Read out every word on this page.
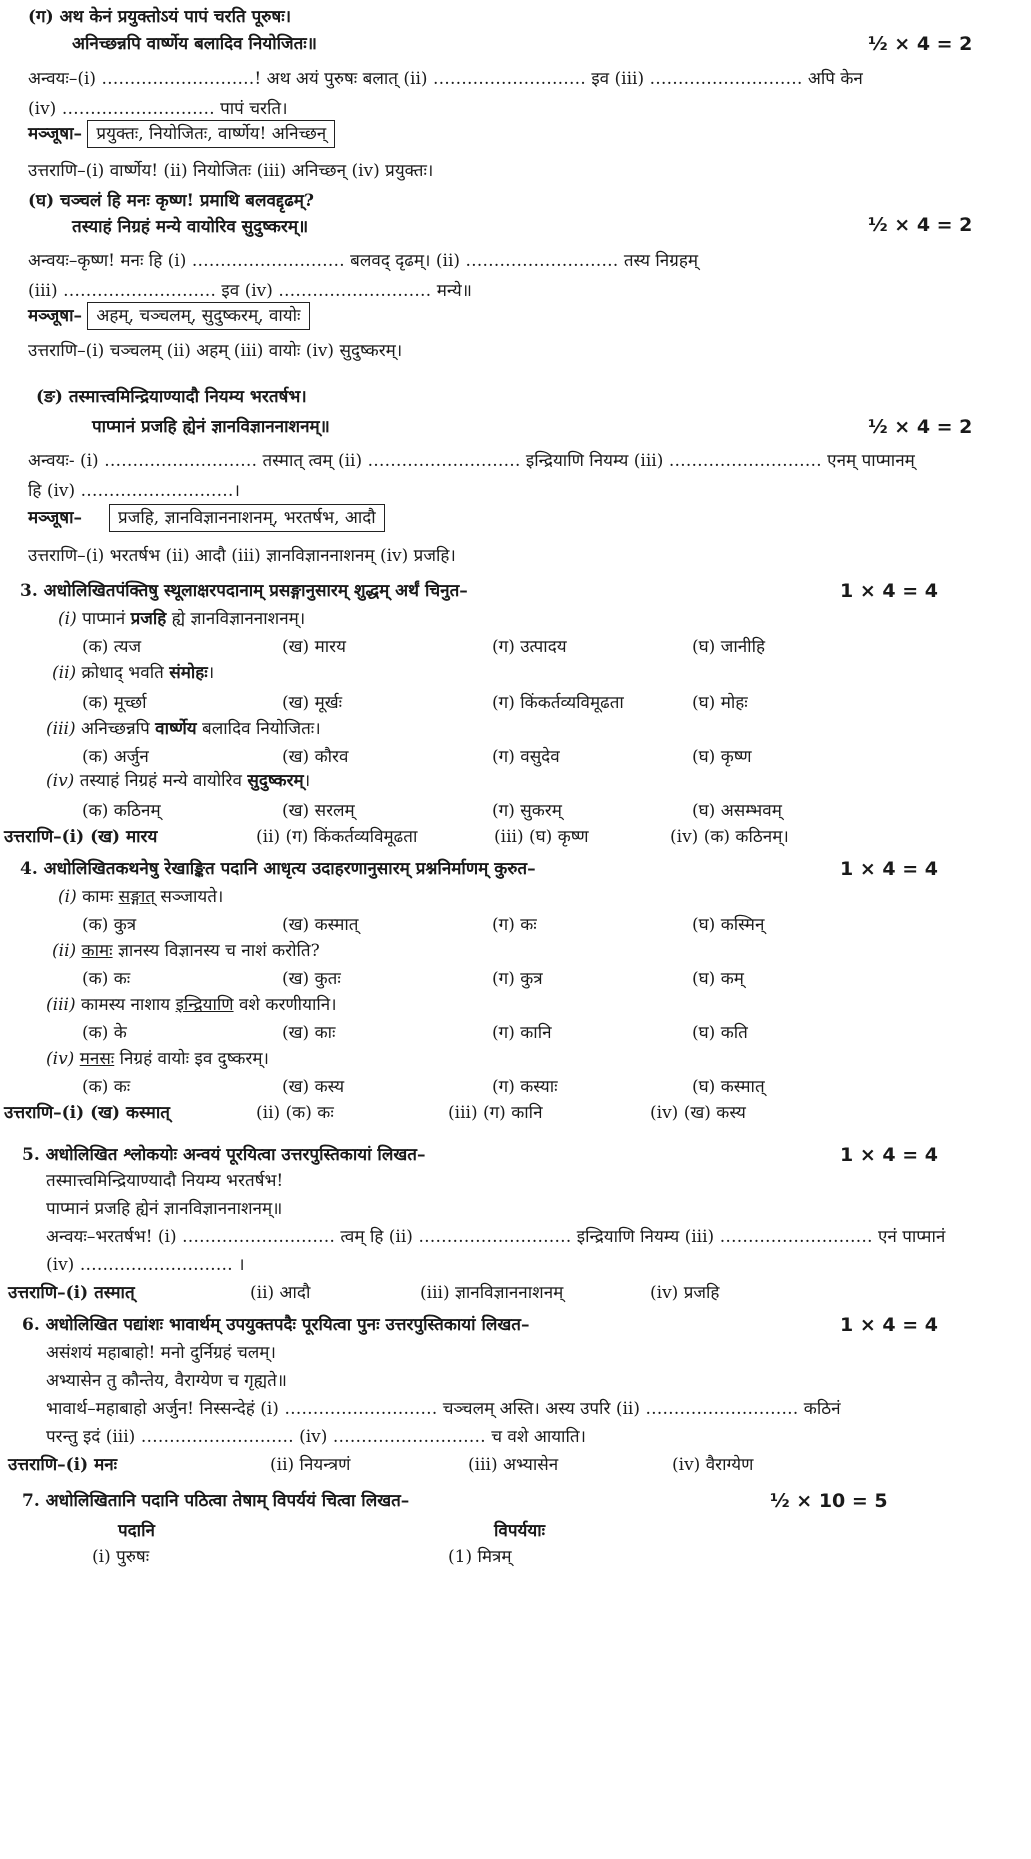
(ग) अथ केनं प्रयुक्तोऽयं पापं चरति पूरुषः।
अनिच्छन्नपि वार्ष्णेय बलादिव नियोजितः॥	½ × 4 = 2
अन्वयः–(i) ………………………! अथ अयं पुरुषः बलात् (ii) ……………………… इव (iii) ……………………… अपि केन
(iv) ……………………… पापं चरति।
मञ्जूषा– प्रयुक्तः, नियोजितः, वार्ष्णेय! अनिच्छन्
उत्तराणि–(i) वार्ष्णेय! (ii) नियोजितः (iii) अनिच्छन् (iv) प्रयुक्तः।
(घ) चञ्चलं हि मनः कृष्ण! प्रमाथि बलवद्दृढम्?
तस्याहं निग्रहं मन्ये वायोरिव सुदुष्करम्॥	½ × 4 = 2
अन्वयः–कृष्ण! मनः हि (i) ……………………… बलवद् दृढम्। (ii) ……………………… तस्य निग्रहम्
(iii) ……………………… इव (iv) ……………………… मन्ये॥
मञ्जूषा– अहम्, चञ्चलम्, सुदुष्करम्, वायोः
उत्तराणि–(i) चञ्चलम् (ii) अहम् (iii) वायोः (iv) सुदुष्करम्।
(ङ) तस्मात्त्वमिन्द्रियाण्यादौ नियम्य भरतर्षभ।
पाप्मानं प्रजहि ह्येनं ज्ञानविज्ञाननाशनम्॥	½ × 4 = 2
अन्वयः- (i) ……………………… तस्मात् त्वम् (ii) ……………………… इन्द्रियाणि नियम्य (iii) ……………………… एनम् पाप्मानम्
हि (iv) ………………………।
मञ्जूषा– प्रजहि, ज्ञानविज्ञाननाशनम्, भरतर्षभ, आदौ
उत्तराणि–(i) भरतर्षभ (ii) आदौ (iii) ज्ञानविज्ञाननाशनम् (iv) प्रजहि।
3. अधोलिखितपंक्तिषु स्थूलाक्षरपदानाम् प्रसङ्गानुसारम् शुद्धम् अर्थं चिनुत–	1 × 4 = 4
(i) पाप्मानं प्रजहि ह्ये ज्ञानविज्ञाननाशनम्।
(क) त्यज	(ख) मारय	(ग) उत्पादय	(घ) जानीहि
(ii) क्रोधाद् भवति संमोहः।
(क) मूर्च्छा	(ख) मूर्खः	(ग) किंकर्तव्यविमूढता	(घ) मोहः
(iii) अनिच्छन्नपि वार्ष्णेय बलादिव नियोजितः।
(क) अर्जुन	(ख) कौरव	(ग) वसुदेव	(घ) कृष्ण
(iv) तस्याहं निग्रहं मन्ये वायोरिव सुदुष्करम्।
(क) कठिनम्	(ख) सरलम्	(ग) सुकरम्	(घ) असम्भवम्
उत्तराणि–(i) (ख) मारय	(ii) (ग) किंकर्तव्यविमूढता	(iii) (घ) कृष्ण	(iv) (क) कठिनम्।
4. अधोलिखितकथनेषु रेखाङ्कित पदानि आधृत्य उदाहरणानुसारम् प्रश्ननिर्माणम् कुरुत–	1 × 4 = 4
(i) कामः सङ्गात् सञ्जायते।
(क) कुत्र	(ख) कस्मात्	(ग) कः	(घ) कस्मिन्
(ii) कामः ज्ञानस्य विज्ञानस्य च नाशं करोति?
(क) कः	(ख) कुतः	(ग) कुत्र	(घ) कम्
(iii) कामस्य नाशाय इन्द्रियाणि वशे करणीयानि।
(क) के	(ख) काः	(ग) कानि	(घ) कति
(iv) मनसः निग्रहं वायोः इव दुष्करम्।
(क) कः	(ख) कस्य	(ग) कस्याः	(घ) कस्मात्
उत्तराणि–(i) (ख) कस्मात्	(ii) (क) कः	(iii) (ग) कानि	(iv) (ख) कस्य
5. अधोलिखित श्लोकयोः अन्वयं पूरयित्वा उत्तरपुस्तिकायां लिखत–	1 × 4 = 4
तस्मात्त्वमिन्द्रियाण्यादौ नियम्य भरतर्षभ!
पाप्मानं प्रजहि ह्येनं ज्ञानविज्ञाननाशनम्॥
अन्वयः–भरतर्षभ! (i) ……………………… त्वम् हि (ii) ……………………… इन्द्रियाणि नियम्य (iii) ……………………… एनं पाप्मानं
(iv) ……………………… ।
उत्तराणि–(i) तस्मात्	(ii) आदौ	(iii) ज्ञानविज्ञाननाशनम्	(iv) प्रजहि
6. अधोलिखित पद्यांशः भावार्थम् उपयुक्तपदैः पूरयित्वा पुनः उत्तरपुस्तिकायां लिखत–	1 × 4 = 4
असंशयं महाबाहो! मनो दुर्निग्रहं चलम्।
अभ्यासेन तु कौन्तेय, वैराग्येण च गृह्यते॥
भावार्थ–महाबाहो अर्जुन! निस्सन्देहं (i) ……………………… चञ्चलम् अस्ति। अस्य उपरि (ii) ……………………… कठिनं
परन्तु इदं (iii) ……………………… (iv) ……………………… च वशे आयाति।
उत्तराणि–(i) मनः	(ii) नियन्त्रणं	(iii) अभ्यासेन	(iv) वैराग्येण
7. अधोलिखितानि पदानि पठित्वा तेषाम् विपर्ययं चित्वा लिखत–	½ × 10 = 5
पदानि	विपर्ययाः
(i) पुरुषः	(1) मित्रम्
